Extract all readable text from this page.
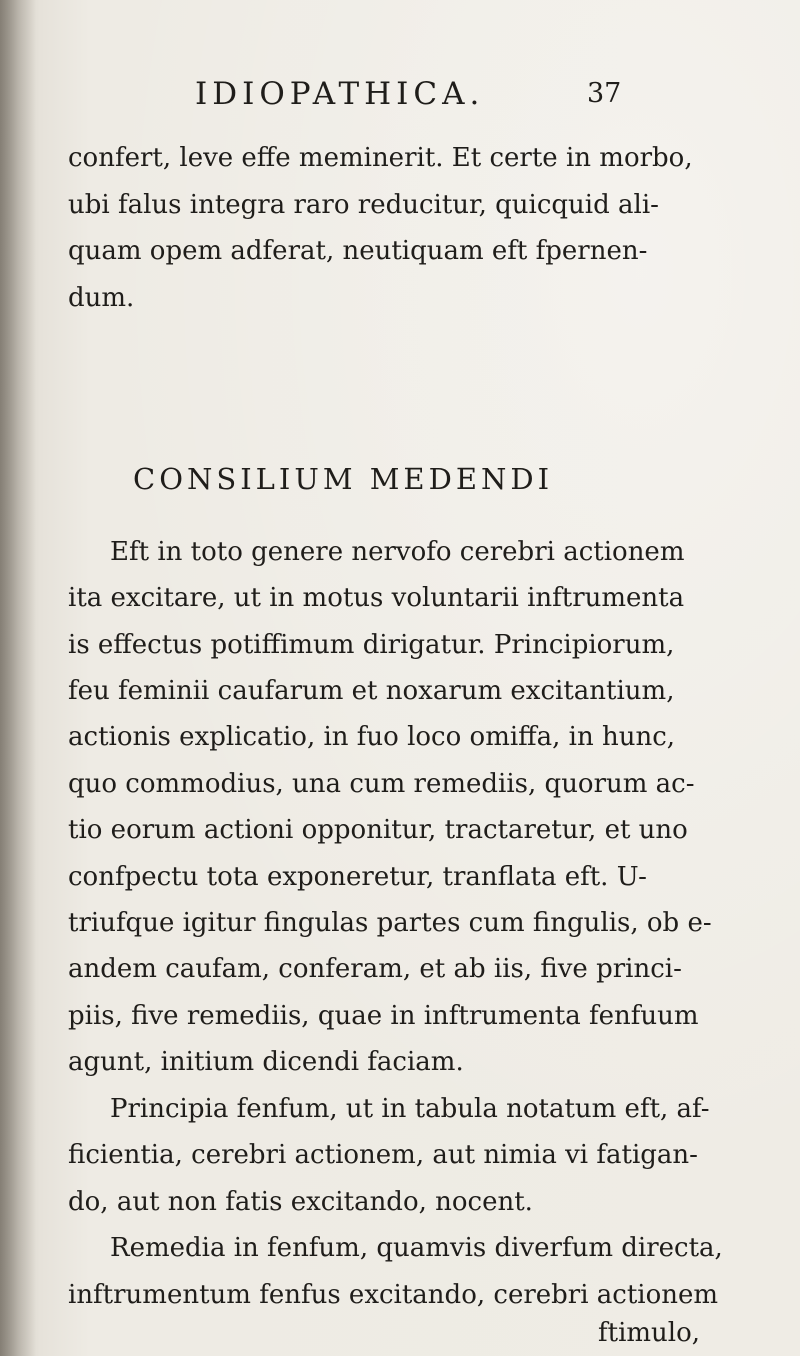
IDIOPATHICA.	37
confert, leve effe meminerit. Et certe in morbo,
ubi falus integra raro reducitur, quicquid ali-
quam opem adferat, neutiquam eft fpernen-
dum.
CONSILIUM MEDENDI
Eft in toto genere nervofo cerebri actionem
ita excitare, ut in motus voluntarii inftrumenta
is effectus potiffimum dirigatur. Principiorum,
feu feminii caufarum et noxarum excitantium,
actionis explicatio, in fuo loco omiffa, in hunc,
quo commodius, una cum remediis, quorum ac-
tio eorum actioni opponitur, tractaretur, et uno
confpectu tota exponeretur, tranflata eft. U-
triufque igitur fingulas partes cum fingulis, ob e-
andem caufam, conferam, et ab iis, five princi-
piis, five remediis, quae in inftrumenta fenfuum
agunt, initium dicendi faciam.
Principia fenfum, ut in tabula notatum eft, af-
ficientia, cerebri actionem, aut nimia vi fatigan-
do, aut non fatis excitando, nocent.
Remedia in fenfum, quamvis diverfum directa,
inftrumentum fenfus excitando, cerebri actionem
ftimulo,
